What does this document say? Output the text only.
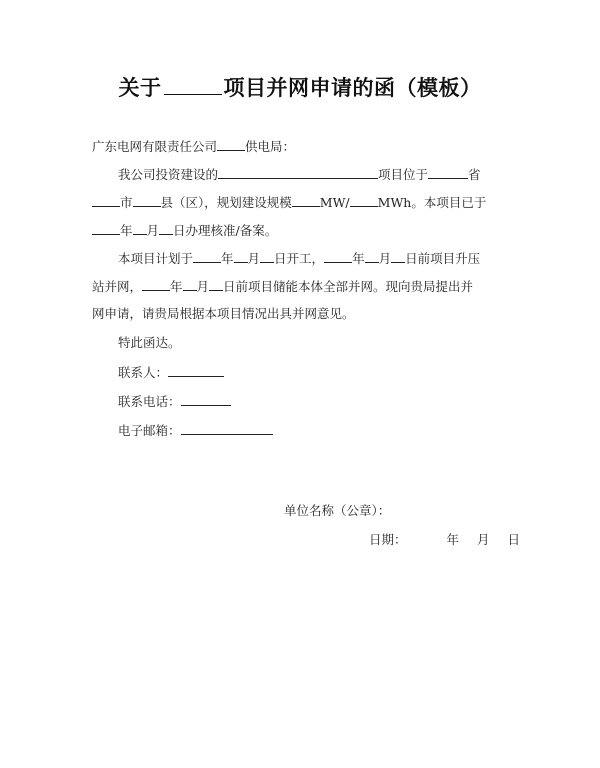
关于	项目并网申请的函（模板）
广东电网有限责任公司 供电局：
我公司投资建设的	项目位于	省
市 县（区），规划建设规模 MW/ MWh。本项目已于
年 月 日办理核准/备案。
本项目计划于 年 月 日开工， 年 月 日前项目升压
站并网， 年 月 日前项目储能本体全部并网。现向贵局提出并
网申请，请贵局根据本项目情况出具并网意见。
特此函达。
联系人：
联系电话：
电子邮箱：
单位名称（公章）：
日期：	年 月 日
